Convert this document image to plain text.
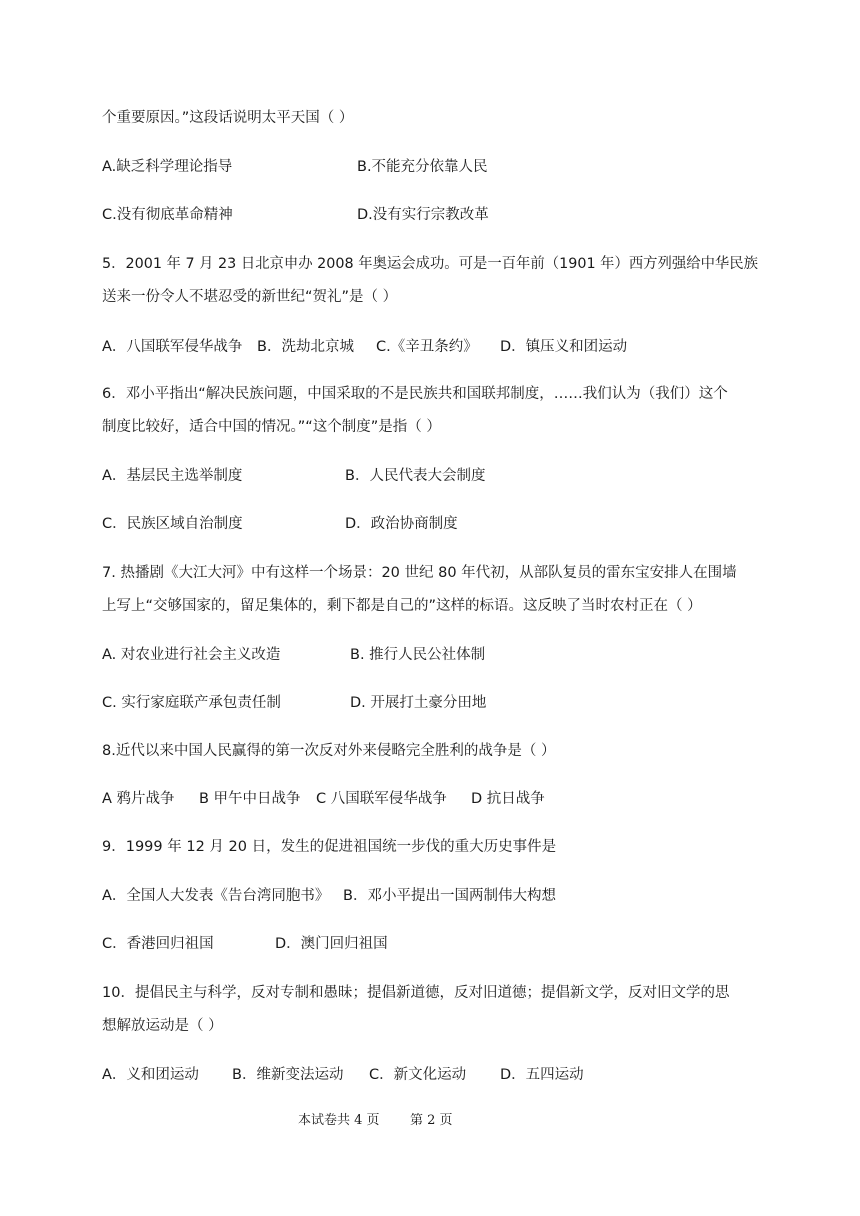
个重要原因。”这段话说明太平天国（ ）
A.缺乏科学理论指导	B.不能充分依靠人民
C.没有彻底革命精神	D.没有实行宗教改革
5．2001 年 7 月 23 日北京申办 2008 年奥运会成功。可是一百年前（1901 年）西方列强给中华民族
送来一份令人不堪忍受的新世纪“贺礼”是（ ）
A．八国联军侵华战争 B．洗劫北京城 C.《辛丑条约》 D．镇压义和团运动
6．邓小平指出“解决民族问题，中国采取的不是民族共和国联邦制度，……我们认为（我们）这个
制度比较好，适合中国的情况。”“这个制度”是指（ ）
A．基层民主选举制度	B．人民代表大会制度
C．民族区域自治制度	D．政治协商制度
7. 热播剧《大江大河》中有这样一个场景：20 世纪 80 年代初，从部队复员的雷东宝安排人在围墙
上写上“交够国家的，留足集体的，剩下都是自己的”这样的标语。这反映了当时农村正在（ ）
A. 对农业进行社会主义改造	B. 推行人民公社体制
C. 实行家庭联产承包责任制	D. 开展打土豪分田地
8.近代以来中国人民赢得的第一次反对外来侵略完全胜利的战争是（ ）
A 鸦片战争 B 甲午中日战争 C 八国联军侵华战争 D 抗日战争
9．1999 年 12 月 20 日，发生的促进祖国统一步伐的重大历史事件是
A．全国人大发表《告台湾同胞书》 B．邓小平提出一国两制伟大构想
C．香港回归祖国	D．澳门回归祖国
10．提倡民主与科学，反对专制和愚昧；提倡新道德，反对旧道德；提倡新文学，反对旧文学的思
想解放运动是（ ）
A．义和团运动 B．维新变法运动 C．新文化运动 D．五四运动
本试卷共 4 页 第 2 页
